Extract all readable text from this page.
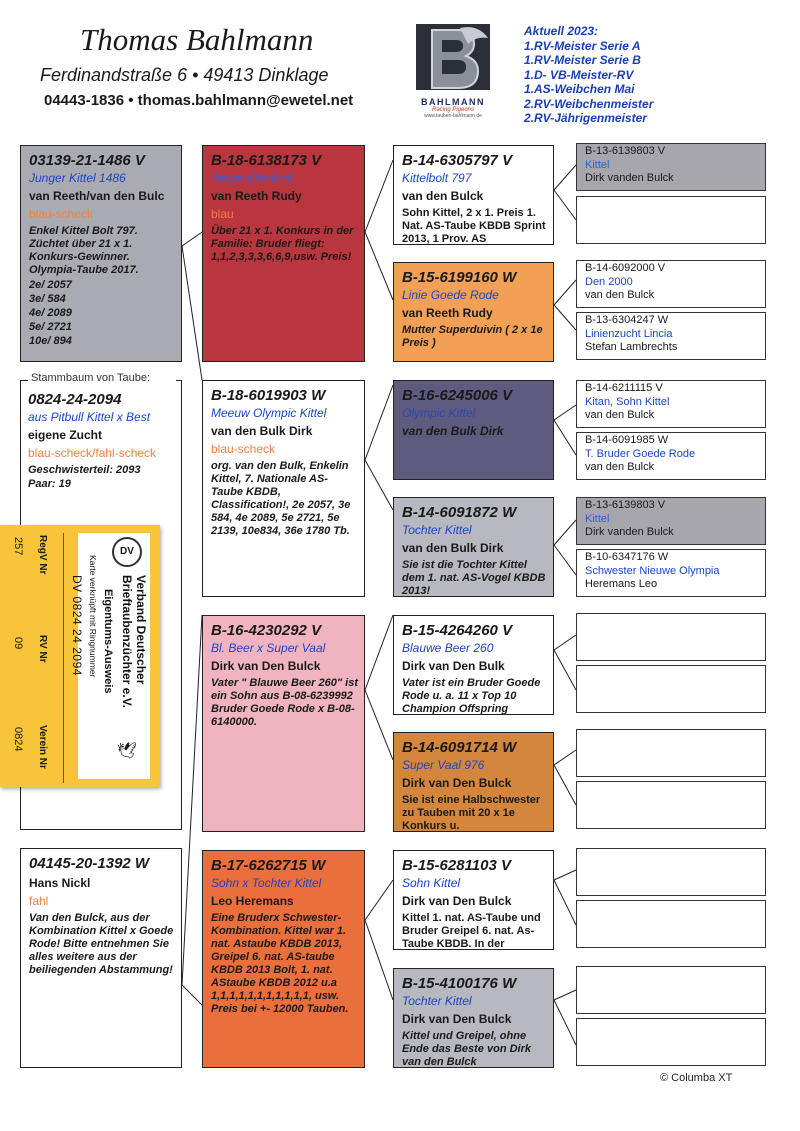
Thomas Bahlmann
Ferdinandstraße 6 • 49413 Dinklage
04443-1836 • thomas.bahlmann@ewetel.net	BAHLMANN
Racing Pigeons
www.tauben-bahlmann.de
Aktuell 2023:
1.RV-Meister Serie A
1.RV-Meister Serie B
1.D- VB-Meister-RV
1.AS-Weibchen Mai
2.RV-Weibchenmeister
2.RV-Jährigenmeister
03139-21-1486 V
Junger Kittel 1486
van Reeth/van den Bulc
blau-scheck
Enkel Kittel Bolt 797. Züchtet über 21 x 1. Konkurs-Gewinner. Olympia-Taube 2017.
2e/ 2057
3e/ 584
4e/ 2089
5e/ 2721
10e/ 894
Stammbaum von Taube:
0824-24-2094
aus Pitbull Kittel x Best
eigene Zucht
blau-scheck/fahl-scheck
Geschwisterteil: 2093
Paar: 19
04145-20-1392 W
Hans Nickl
fahl
Van den Bulck, aus der Kombination Kittel x Goede Rode! Bitte entnehmen Sie alles weitere aus der beiliegenden Abstammung!
B-18-6138173 V
Jonge Kittelbolt
van Reeth Rudy
blau
Über 21 x 1. Konkurs in der Familie: Bruder fliegt: 1,1,2,3,3,3,6,6,9,usw. Preis!
B-18-6019903 W
Meeuw Olympic Kittel
van den Bulk Dirk
blau-scheck
org. van den Bulk, Enkelin Kittel, 7. Nationale AS-Taube KBDB, Classification!, 2e 2057, 3e 584, 4e 2089, 5e 2721, 5e 2139, 10e834, 36e 1780 Tb.
B-16-4230292 V
Bl. Beer x Super Vaal
Dirk van Den Bulck
Vater " Blauwe Beer 260" ist ein Sohn aus B-08-6239992 Bruder Goede Rode x B-08-6140000.
B-17-6262715 W
Sohn x Tochter Kittel
Leo Heremans
Eine Bruderx Schwester-Kombination. Kittel war 1. nat. Astaube KBDB 2013, Greipel 6. nat. AS-taube KBDB 2013 Bolt, 1. nat. AStaube KBDB 2012 u.a 1,1,1,1,1,1,1,1,1,1,1, usw. Preis bei +- 12000 Tauben.
B-14-6305797 V
Kittelbolt 797
van den Bulck
Sohn Kittel, 2 x 1. Preis 1. Nat. AS-Taube KBDB Sprint 2013, 1 Prov. AS
B-15-6199160 W
Linie Goede Rode
van Reeth Rudy
Mutter Superduivin ( 2 x 1e Preis )
B-16-6245006 V
Olympic Kittel
van den Bulk Dirk
B-14-6091872 W
Tochter Kittel
van den Bulk Dirk
Sie ist die Tochter Kittel dem 1. nat. AS-Vogel KBDB 2013!
B-15-4264260 V
Blauwe Beer 260
Dirk van Den Bulk
Vater ist ein Bruder Goede Rode u. a. 11 x Top 10 Champion Offspring
B-14-6091714 W
Super Vaal 976
Dirk van Den Bulck
Sie ist eine Halbschwester zu Tauben mit 20 x 1e Konkurs u.
B-15-6281103 V
Sohn Kittel
Dirk van Den Bulck
Kittel 1. nat. AS-Taube und Bruder Greipel 6. nat. As-Taube KBDB. In der
B-15-4100176 W
Tochter Kittel
Dirk van Den Bulck
Kittel und Greipel, ohne Ende das Beste von Dirk van den Bulck
B-13-6139803 V
Kittel
Dirk vanden Bulck
B-14-6092000 V
Den 2000
van den Bulck
B-13-6304247 W
Linienzucht Lincia
Stefan Lambrechts
B-14-6211115 V
Kitan, Sohn Kittel
van den Bulck
B-14-6091985 W
T. Bruder Goede Rode
van den Bulck
B-13-6139803 V
Kittel
Dirk vanden Bulck
B-10-6347176 W
Schwester Nieuwe Olympia
Heremans Leo
DV
🕊
Verband Deutscher
Brieftaubenzüchter e.V.
Eigentums-Ausweis
Karte verknüpft mit Ringnummer
DV 0824 24 2094
RegV Nr
257
RV Nr
09
Verein Nr
0824
© Columba XT
